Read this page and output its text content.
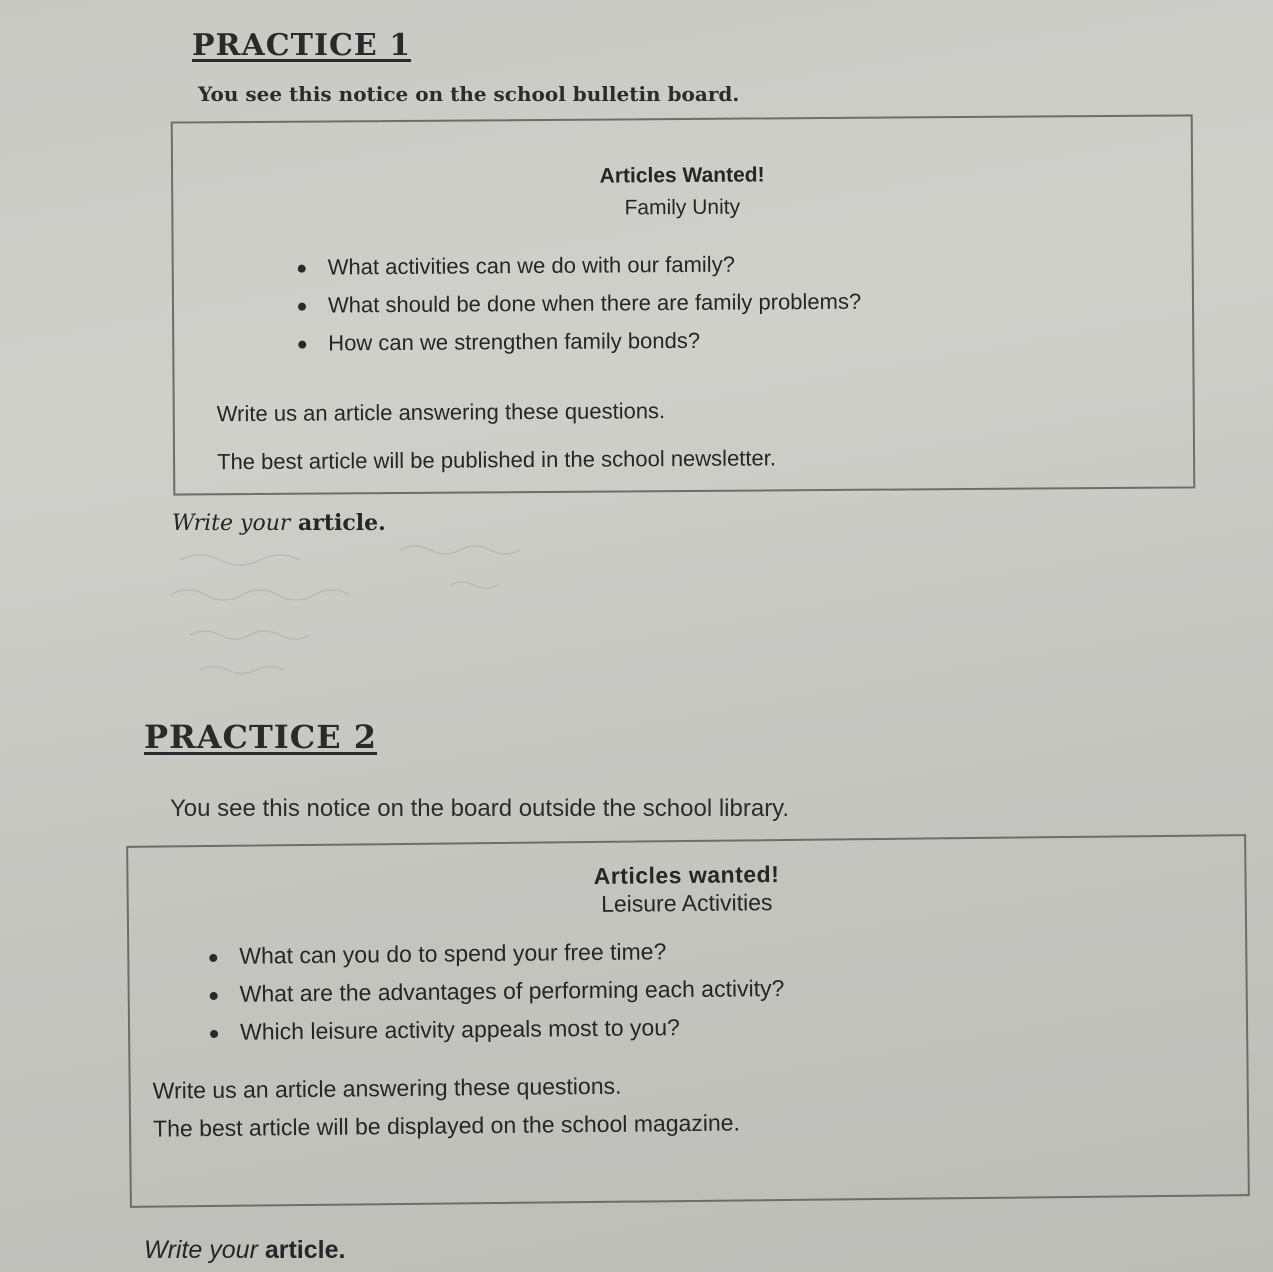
PRACTICE 1
You see this notice on the school bulletin board.
Articles Wanted!
Family Unity
What activities can we do with our family?
What should be done when there are family problems?
How can we strengthen family bonds?
Write us an article answering these questions.
The best article will be published in the school newsletter.
Write your article.
PRACTICE 2
You see this notice on the board outside the school library.
Articles wanted!
Leisure Activities
What can you do to spend your free time?
What are the advantages of performing each activity?
Which leisure activity appeals most to you?
Write us an article answering these questions.
The best article will be displayed on the school magazine.
Write your article.
